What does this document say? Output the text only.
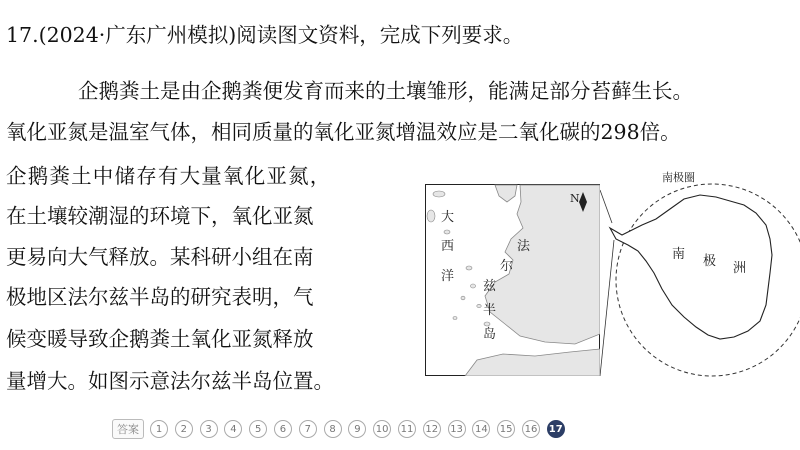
17.(2024·广东广州模拟)阅读图文资料，完成下列要求。
企鹅粪土是由企鹅粪便发育而来的土壤雏形，能满足部分苔藓生长。
氧化亚氮是温室气体，相同质量的氧化亚氮增温效应是二氧化碳的298倍。
企鹅粪土中储存有大量氧化亚氮，
在土壤较潮湿的环境下，氧化亚氮
更易向大气释放。某科研小组在南
极地区法尔兹半岛的研究表明，气
候变暖导致企鹅粪土氧化亚氮释放
量增大。如图示意法尔兹半岛位置。
N
大
西
洋
法
尔
兹
半
岛
南极圈
南 极 洲
答案	1	2	3	4	5	6	7	8	9	10 11 12 13 14 15 16 17
